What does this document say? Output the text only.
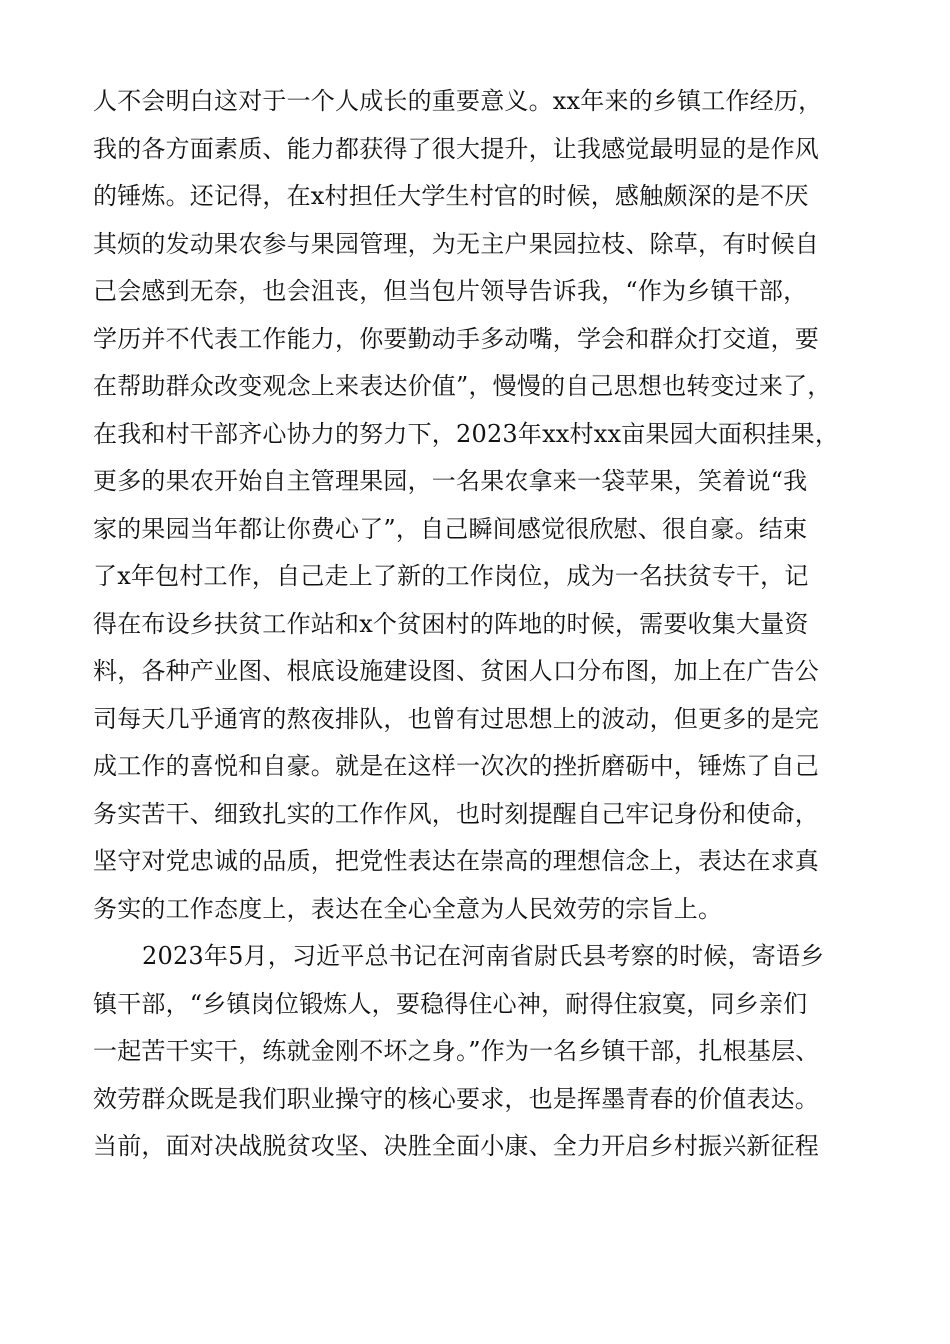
人不会明白这对于一个人成长的重要意义。xx年来的乡镇工作经历，
我的各方面素质、能力都获得了很大提升，让我感觉最明显的是作风
的锤炼。还记得，在x村担任大学生村官的时候，感触颇深的是不厌
其烦的发动果农参与果园管理，为无主户果园拉枝、除草，有时候自
己会感到无奈，也会沮丧，但当包片领导告诉我，“作为乡镇干部，
学历并不代表工作能力，你要勤动手多动嘴，学会和群众打交道，要
在帮助群众改变观念上来表达价值”，慢慢的自己思想也转变过来了，
在我和村干部齐心协力的努力下，2023年xx村xx亩果园大面积挂果，
更多的果农开始自主管理果园，一名果农拿来一袋苹果，笑着说“我
家的果园当年都让你费心了”，自己瞬间感觉很欣慰、很自豪。结束
了x年包村工作，自己走上了新的工作岗位，成为一名扶贫专干，记
得在布设乡扶贫工作站和x个贫困村的阵地的时候，需要收集大量资
料，各种产业图、根底设施建设图、贫困人口分布图，加上在广告公
司每天几乎通宵的熬夜排队，也曾有过思想上的波动，但更多的是完
成工作的喜悦和自豪。就是在这样一次次的挫折磨砺中，锤炼了自己
务实苦干、细致扎实的工作作风，也时刻提醒自己牢记身份和使命，
坚守对党忠诚的品质，把党性表达在崇高的理想信念上，表达在求真
务实的工作态度上，表达在全心全意为人民效劳的宗旨上。
2023年5月，习近平总书记在河南省尉氏县考察的时候，寄语乡
镇干部，“乡镇岗位锻炼人，要稳得住心神，耐得住寂寞，同乡亲们
一起苦干实干，练就金刚不坏之身。”作为一名乡镇干部，扎根基层、
效劳群众既是我们职业操守的核心要求，也是挥墨青春的价值表达。
当前，面对决战脱贫攻坚、决胜全面小康、全力开启乡村振兴新征程
